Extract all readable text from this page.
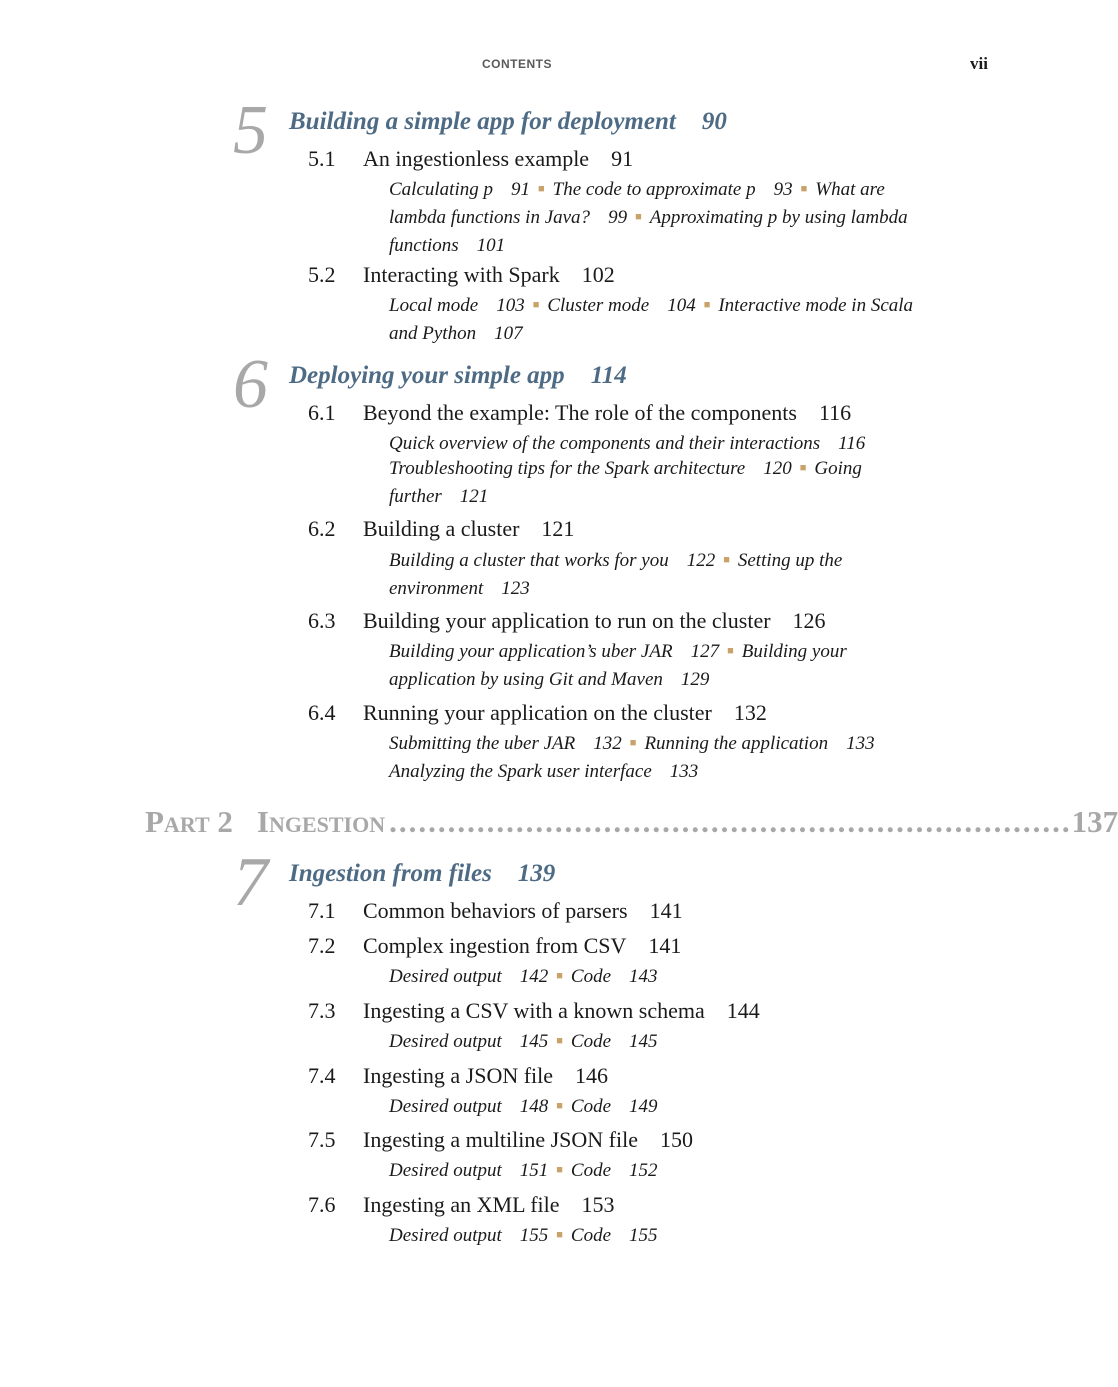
CONTENTS	vii
5 Building a simple app for deployment 90
5.1 An ingestionless example 91
Calculating p 91 ■ The code to approximate p 93 ■ What are lambda functions in Java? 99 ■ Approximating p by using lambda functions 101
5.2 Interacting with Spark 102
Local mode 103 ■ Cluster mode 104 ■ Interactive mode in Scala and Python 107
6 Deploying your simple app 114
6.1 Beyond the example: The role of the components 116
Quick overview of the components and their interactions 116
Troubleshooting tips for the Spark architecture 120 ■ Going further 121
6.2 Building a cluster 121
Building a cluster that works for you 122 ■ Setting up the environment 123
6.3 Building your application to run on the cluster 126
Building your application’s uber JAR 127 ■ Building your application by using Git and Maven 129
6.4 Running your application on the cluster 132
Submitting the uber JAR 132 ■ Running the application 133
Analyzing the Spark user interface 133
Part 2 Ingestion ...................................................................... 137
7 Ingestion from files 139
7.1 Common behaviors of parsers 141
7.2 Complex ingestion from CSV 141
Desired output 142 ■ Code 143
7.3 Ingesting a CSV with a known schema 144
Desired output 145 ■ Code 145
7.4 Ingesting a JSON file 146
Desired output 148 ■ Code 149
7.5 Ingesting a multiline JSON file 150
Desired output 151 ■ Code 152
7.6 Ingesting an XML file 153
Desired output 155 ■ Code 155
